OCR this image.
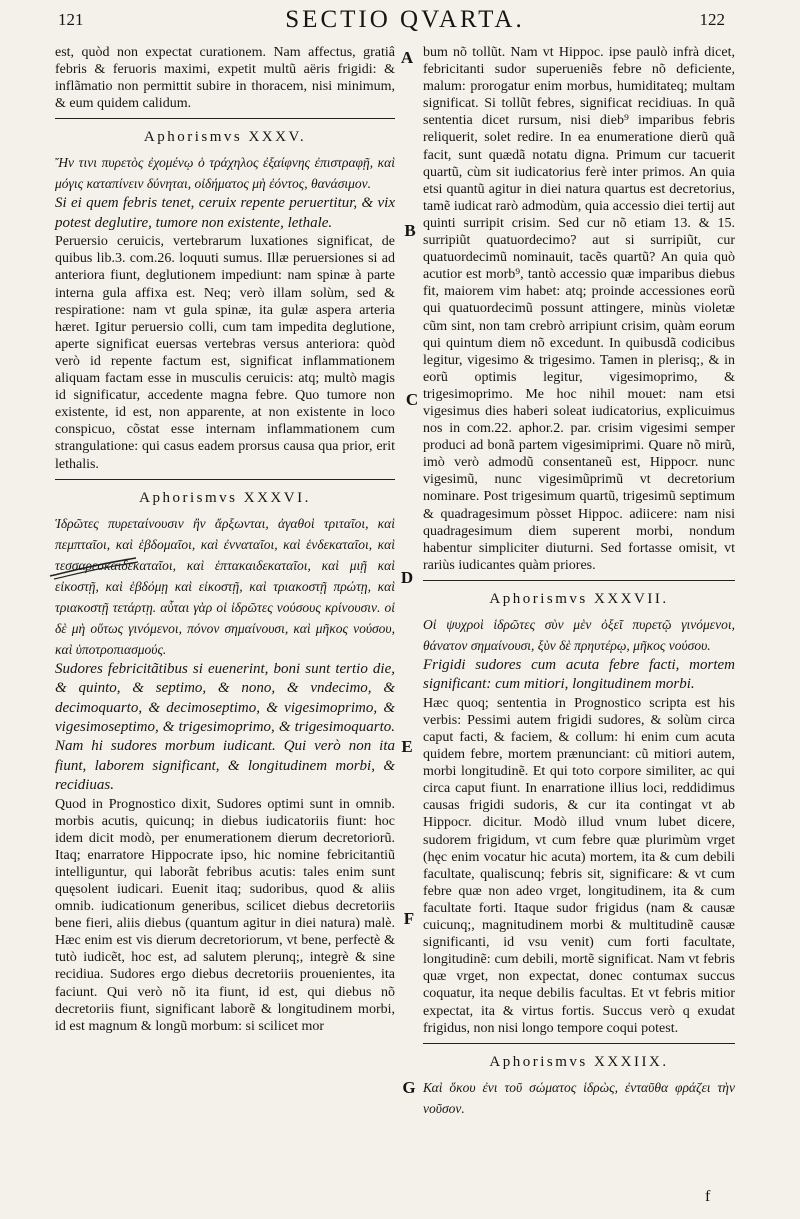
121	SECTIO QVARTA.	122

est, quòd non expectat curationem. Nam affectus, gratiâ febris & feruoris maximi, expetit multũ aëris frigidi: & inflãmatio non permittit subire in thoracem, nisi minimum, & eum quidem calidum.

Aphorismvs XXXV.

Ἤν τινι πυρετὸς ἐχομένῳ ὁ τράχηλος ἐξαίφνης ἐπιστραφῇ, καὶ μόγις καταπίνειν δύνηται, οἰδήματος μὴ ἐόντος, θανάσιμον.

Si ei quem febris tenet, ceruix repente peruertitur, & vix potest deglutire, tumore non existente, lethale.

Peruersio ceruicis, vertebrarum luxationes significat, de quibus lib.3. com.26. loquuti sumus. Illæ peruersiones si ad anteriora fiunt, deglutionem impediunt: nam spinæ à parte interna gula affixa est. Neq; verò illam solùm, sed & respiratione: nam vt gula spinæ, ita gulæ aspera arteria hæret. Igitur peruersio colli, cum tam impedita deglutione, aperte significat euersas vertebras versus anteriora: quòd verò id repente factum est, significat inflammationem aliquam factam esse in musculis ceruicis: atq; multò magis id significatur, accedente magna febre. Quo tumore non existente, id est, non apparente, at non existente in loco conspicuo, cõstat esse internam inflammationem cum strangulatione: qui casus eadem prorsus causa qua prior, erit lethalis.

Aphorismvs XXXVI.

Ἱδρῶτες πυρεταίνουσιν ἢν ἄρξωνται, ἀγαθοὶ τριταῖοι, καὶ πεμπταῖοι, καὶ ἑβδομαῖοι, καὶ ἐνναταῖοι, καὶ ἑνδεκαταῖοι, καὶ τεσσαρεσκαιδεκαταῖοι, καὶ ἑπτακαιδεκαταῖοι, καὶ μιῇ καὶ εἰκοστῇ, καὶ ἑβδόμῃ καὶ εἰκοστῇ, καὶ τριακοστῇ πρώτῃ, καὶ τριακοστῇ τετάρτῃ. αὗται γὰρ οἱ ἱδρῶτες νούσους κρίνουσιν. οἱ δὲ μὴ οὕτως γινόμενοι, πόνον σημαίνουσι, καὶ μῆκος νούσου, καὶ ὑποτροπιασμούς.

Sudores febricitãtibus si euenerint, boni sunt tertio die, & quinto, & septimo, & nono, & vndecimo, & decimoquarto, & decimoseptimo, & vigesimoprimo, & vigesimoseptimo, & trigesimoprimo, & trigesimoquarto. Nam hi sudores morbum iudicant. Qui verò non ita fiunt, laborem significant, & longitudinem morbi, & recidiuas.

Quod in Prognostico dixit, Sudores optimi sunt in omnib. morbis acutis, quicunq; in diebus iudicatoriis fiunt: hoc idem dicit modò, per enumerationem dierum decretoriorũ. Itaq; enarratore Hippocrate ipso, hic nomine febricitantiũ intelliguntur, qui laborãt febribus acutis: tales enim sunt quęsolent iudicari. Euenit itaq; sudoribus, quod & aliis omnib. iudicationum generibus, scilicet diebus decretoriis bene fieri, aliis diebus (quantum agitur in diei natura) malè. Hæc enim est vis dierum decretoriorum, vt bene, perfectè & tutò iudicẽt, hoc est, ad salutem plerunq;, integrè & sine recidiua. Sudores ergo diebus decretoriis prouenientes, ita faciunt. Qui verò nõ ita fiunt, id est, qui diebus nõ decretoriis fiunt, significant laborẽ & longitudinem morbi, id est magnum & longũ morbum: si scilicet mor

bum nõ tollũt. Nam vt Hippoc. ipse paulò infrà dicet, febricitanti sudor superueniẽs febre nõ deficiente, malum: prorogatur enim morbus, humiditateq; multam significat. Si tollũt febres, significat recidiuas. In quã sententia dicet rursum, nisi dieb⁹ imparibus febris reliquerit, solet redire. In ea enumeratione dierũ quã facit, sunt quædã notatu digna. Primum cur tacuerit quartũ, cùm sit iudicatorius ferè inter primos. An quia etsi quantũ agitur in diei natura quartus est decretorius, tamẽ iudicat rarò admodùm, quia accessio diei tertij aut quinti surripit crisim. Sed cur nõ etiam 13. & 15. surripiũt quatuordecimo? aut si surripiũt, cur quatuordecimũ nominauit, tacẽs quartũ? An quia quò acutior est morb⁹, tantò accessio quæ imparibus diebus fit, maiorem vim habet: atq; proinde accessiones eorũ qui quatuordecimũ possunt attingere, minùs violetæ cũm sint, non tam crebrò arripiunt crisim, quàm eorum qui quintum diem nõ excedunt. In quibusdã codicibus legitur, vigesimo & trigesimo. Tamen in plerisq;, & in eorũ optimis legitur, vigesimoprimo, & trigesimoprimo. Me hoc nihil mouet: nam etsi vigesimus dies haberi soleat iudicatorius, explicuimus nos in com.22. aphor.2. par. crisim vigesimi semper produci ad bonã partem vigesimiprimi. Quare nõ mirũ, imò verò admodũ consentaneũ est, Hippocr. nunc vigesimũ, nunc vigesimũprimũ vt decretorium nominare. Post trigesimum quartũ, trigesimũ septimum & quadragesimum pòsset Hippoc. adiicere: nam nisi quadragesimum diem superent morbi, nondum habentur simpliciter diuturni. Sed fortasse omisit, vt rariùs iudicantes quàm priores.

Aphorismvs XXXVII.

Οἱ ψυχροὶ ἱδρῶτες σὺν μὲν ὀξεῖ πυρετῷ γινόμενοι, θάνατον σημαίνουσι, ξὺν δὲ πρηυτέρῳ, μῆκος νούσου.

Frigidi sudores cum acuta febre facti, mortem significant: cum mitiori, longitudinem morbi.

Hæc quoq; sententia in Prognostico scripta est his verbis: Pessimi autem frigidi sudores, & solùm circa caput facti, & faciem, & collum: hi enim cum acuta quidem febre, mortem prænunciant: cũ mitiori autem, morbi longitudinẽ. Et qui toto corpore similiter, ac qui circa caput fiunt. In enarratione illius loci, reddidimus causas frigidi sudoris, & cur ita contingat vt ab Hippocr. dicitur. Modò illud vnum lubet dicere, sudorem frigidum, vt cum febre quæ plurimùm vrget (hęc enim vocatur hic acuta) mortem, ita & cum debili facultate, qualiscunq; febris sit, significare: & vt cum febre quæ non adeo vrget, longitudinem, ita & cum facultate forti. Itaque sudor frigidus (nam & causæ cuicunq;, magnitudinem morbi & multitudinẽ causæ significanti, id vsu venit) cum forti facultate, longitudinẽ: cum debili, mortẽ significat. Nam vt febris quæ vrget, non expectat, donec contumax succus coquatur, ita neque debilis facultas. Et vt febris mitior expectat, ita & virtus fortis. Succus verò q exudat frigidus, non nisi longo tempore coqui potest.

Aphorismvs XXXIIX.

Καὶ ὅκου ἐνι τοῦ σώματος ἱδρὼς, ἐνταῦθα φράζει τὴν νοῦσον.

A
B
C
D
E
F
G
f
